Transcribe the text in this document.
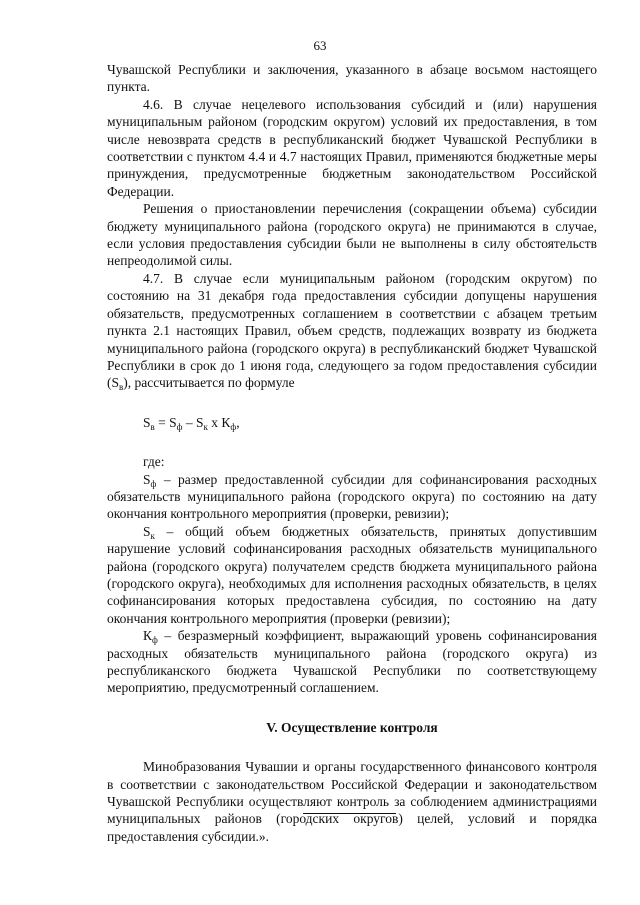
63

Чувашской Республики и заключения, указанного в абзаце восьмом настоящего пункта.

4.6. В случае нецелевого использования субсидий и (или) нарушения муниципальным районом (городским округом) условий их предоставления, в том числе невозврата средств в республиканский бюджет Чувашской Республики в соответствии с пунктом 4.4 и 4.7 настоящих Правил, применяются бюджетные меры принуждения, предусмотренные бюджетным законодательством Российской Федерации.

Решения о приостановлении перечисления (сокращении объема) субсидии бюджету муниципального района (городского округа) не принимаются в случае, если условия предоставления субсидии были не выполнены в силу обстоятельств непреодолимой силы.

4.7. В случае если муниципальным районом (городским округом) по состоянию на 31 декабря года предоставления субсидии допущены нарушения обязательств, предусмотренных соглашением в соответствии с абзацем третьим пункта 2.1 настоящих Правил, объем средств, подлежащих возврату из бюджета муниципального района (городского округа) в республиканский бюджет Чувашской Республики в срок до 1 июня года, следующего за годом предоставления субсидии $(S_в)$, рассчитывается по формуле

$S_в = S_ф - S_к$ x $К_ф$,

где:

$S_ф$ – размер предоставленной субсидии для софинансирования расходных обязательств муниципального района (городского округа) по состоянию на дату окончания контрольного мероприятия (проверки, ревизии);

$S_к$ – общий объем бюджетных обязательств, принятых допустившим нарушение условий софинансирования расходных обязательств муниципального района (городского округа) получателем средств бюджета муниципального района (городского округа), необходимых для исполнения расходных обязательств, в целях софинансирования которых предоставлена субсидия, по состоянию на дату окончания контрольного мероприятия (проверки (ревизии);

$К_ф$ – безразмерный коэффициент, выражающий уровень софинансирования расходных обязательств муниципального района (городского округа) из республиканского бюджета Чувашской Республики по соответствующему мероприятию, предусмотренный соглашением.

V. Осуществление контроля

Минобразования Чувашии и органы государственного финансового контроля в соответствии с законодательством Российской Федерации и законодательством Чувашской Республики осуществляют контроль за соблюдением администрациями муниципальных районов (городских округов) целей, условий и порядка предоставления субсидии.».
